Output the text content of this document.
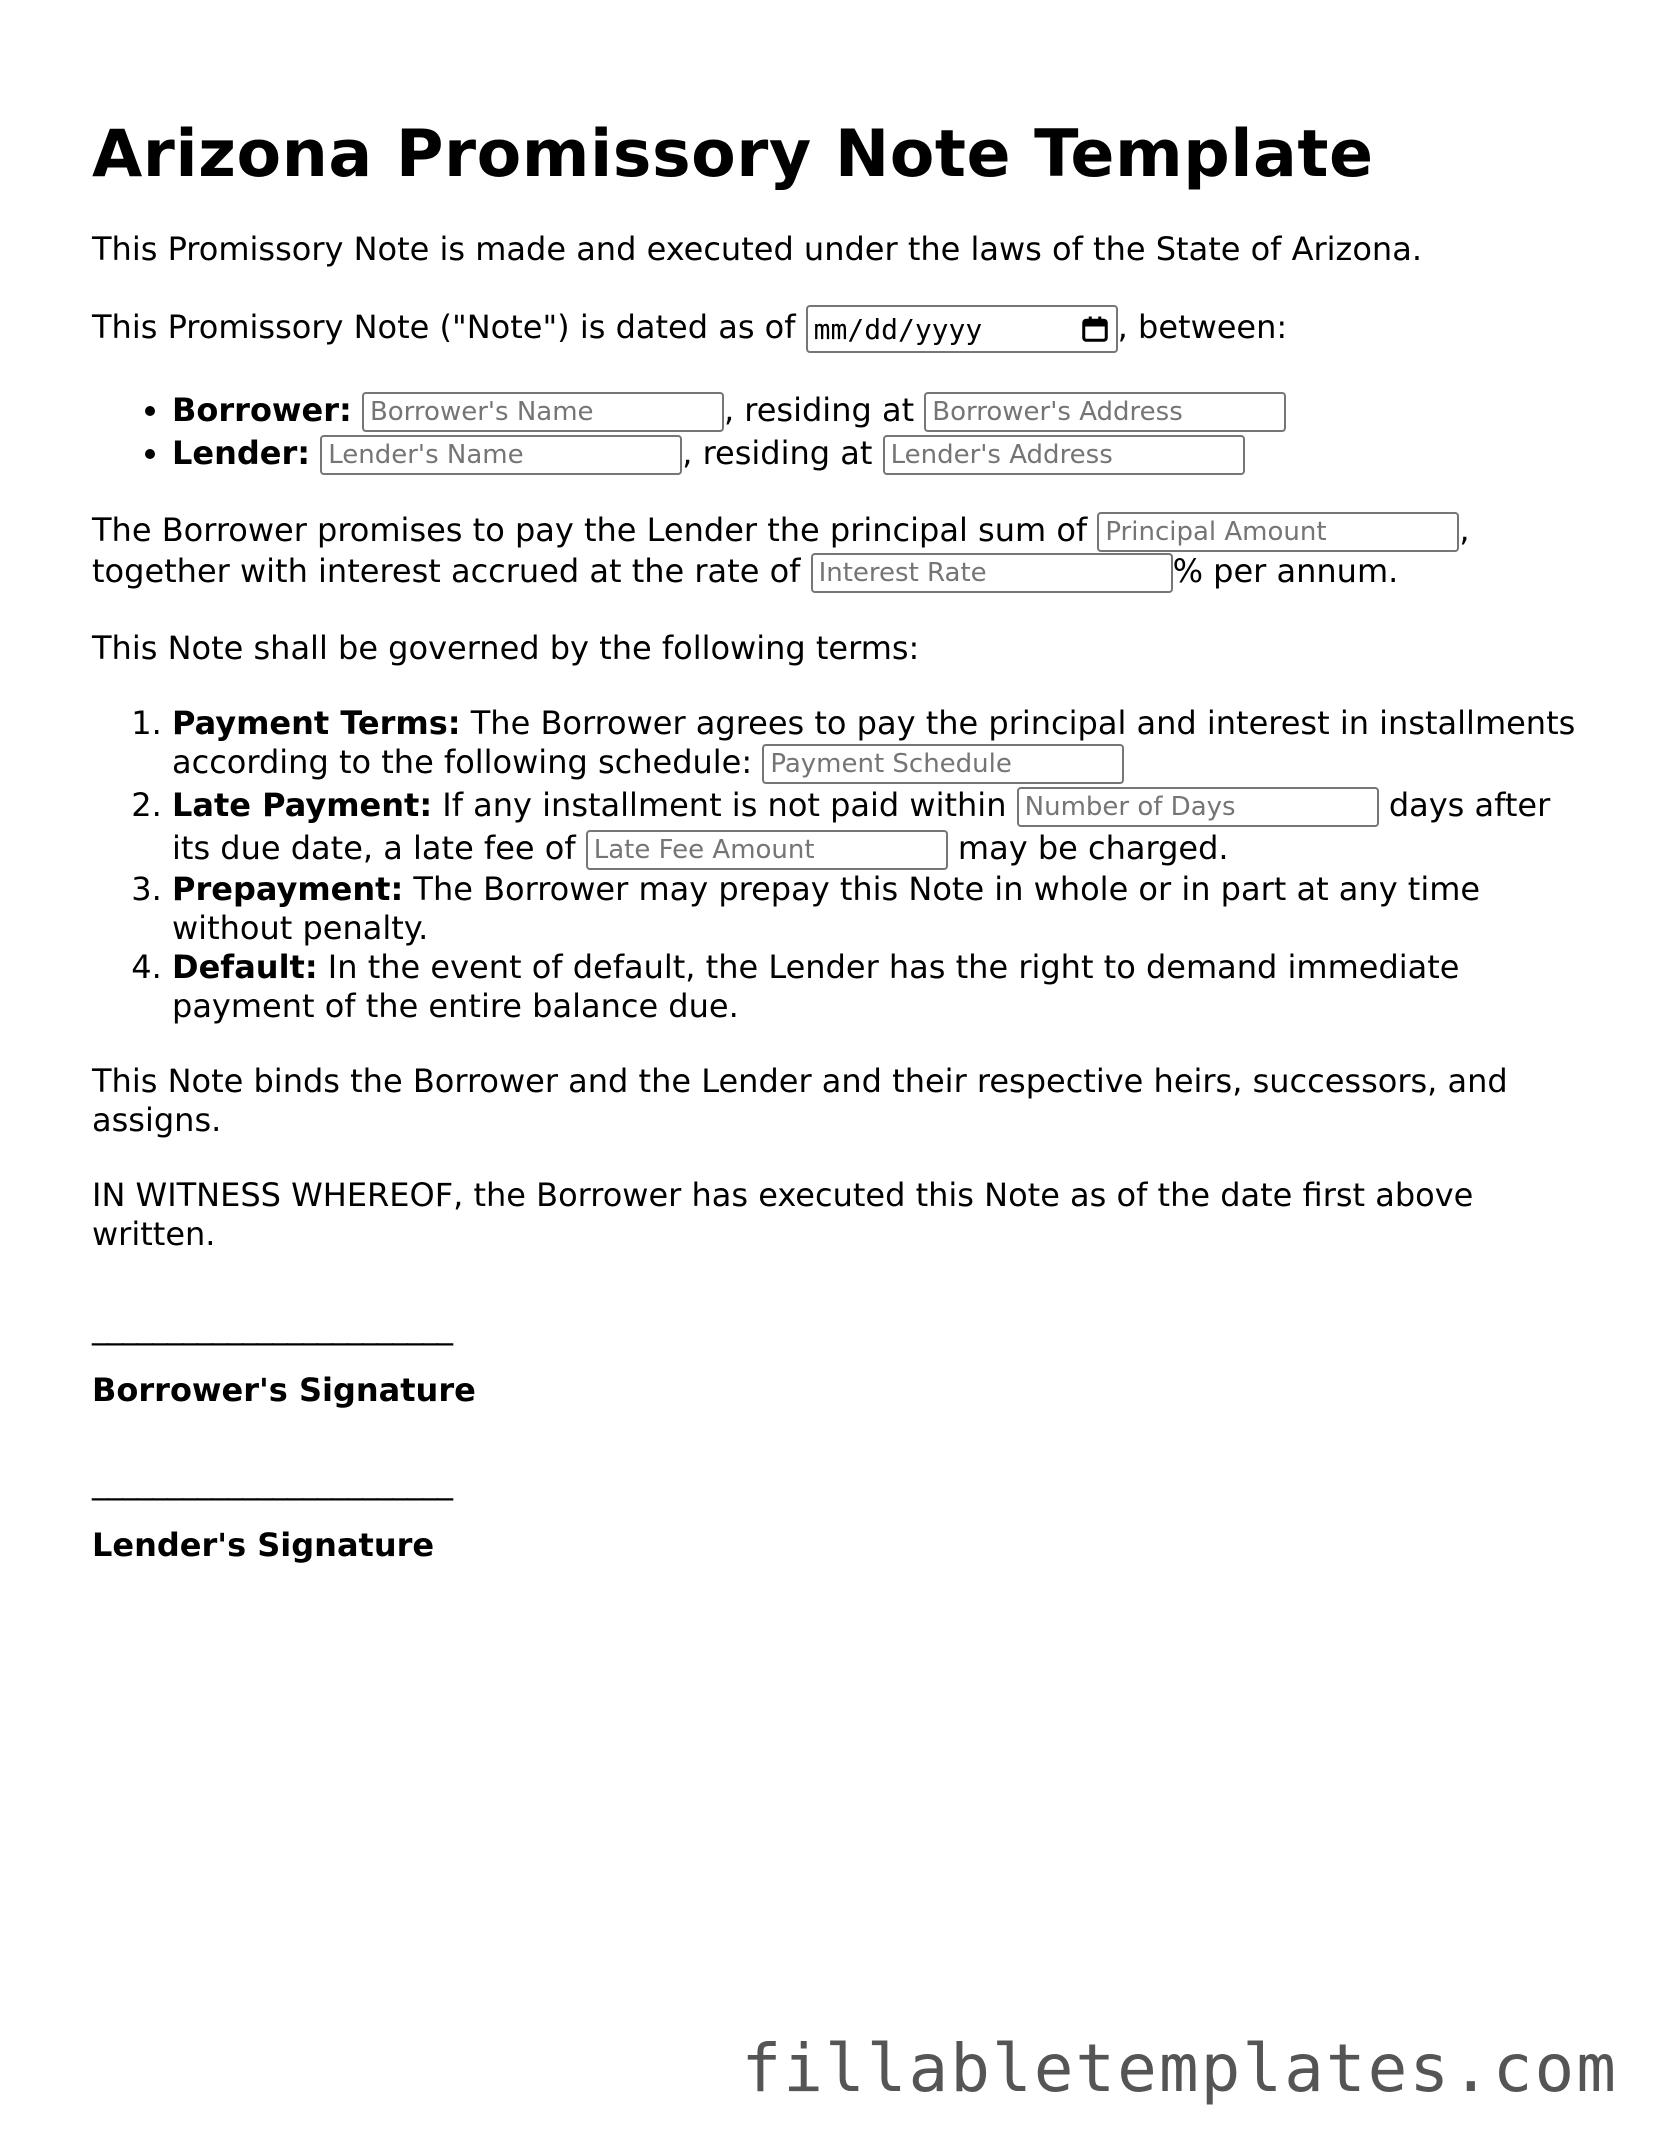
Arizona Promissory Note Template

This Promissory Note is made and executed under the laws of the State of Arizona.

This Promissory Note ("Note") is dated as of mm/dd/yyyy	, between:

• Borrower: Borrower's Name	, residing at Borrower's Address
• Lender: Lender's Name	, residing at Lender's Address

The Borrower promises to pay the Lender the principal sum of Principal Amount	, together with interest accrued at the rate of Interest Rate	% per annum.

This Note shall be governed by the following terms:

1. Payment Terms: The Borrower agrees to pay the principal and interest in installments according to the following schedule: Payment Schedule
2. Late Payment: If any installment is not paid within Number of Days	days after its due date, a late fee of Late Fee Amount	may be charged.
3. Prepayment: The Borrower may prepay this Note in whole or in part at any time without penalty.
4. Default: In the event of default, the Lender has the right to demand immediate payment of the entire balance due.

This Note binds the Borrower and the Lender and their respective heirs, successors, and assigns.

IN WITNESS WHEREOF, the Borrower has executed this Note as of the date first above written.

________________________
Borrower's Signature
________________________
Lender's Signature
fillabletemplates.com
